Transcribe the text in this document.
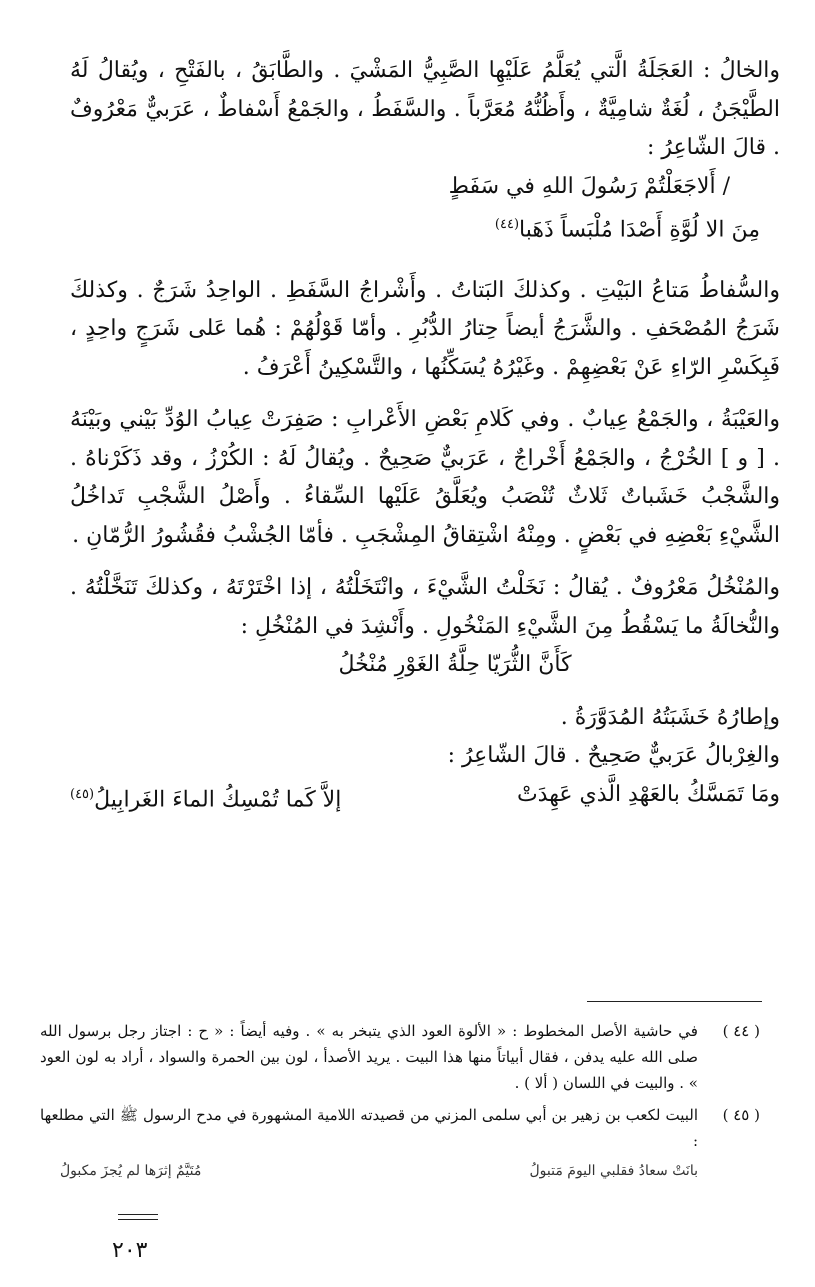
والخالُ : العَجَلَةُ الَّتي يُعَلَّمُ عَلَيْهِا الصَّبِيُّ المَشْيَ . والطَّابَقُ ، بالفَتْحِ ، ويُقالُ لَهُ الطَّيْجَنُ ، لُغَةٌ شامِيَّةٌ ، وأَظُنُّهُ مُعَرَّباً . والسَّفَطُ ، والجَمْعُ أَسْفاطٌ ، عَرَبيٌّ مَعْرُوفٌ . قالَ الشّاعِرُ :
/ أَلاجَعَلْتُمْ رَسُولَ اللهِ في سَفَطٍ
مِنَ الا لُوَّةِ أَصْدَا مُلْبَساً ذَهَبا$^{(٤٤)}$

والسُّفاطُ مَتاعُ البَيْتِ . وكذلكَ البَتاتُ . وأَشْراجُ السَّفَطِ . الواحِدُ شَرَجٌ . وكذلكَ شَرَجُ المُصْحَفِ . والشَّرَجُ أيضاً حِتارُ الدُّبُرِ . وأمّا قَوْلُهُمْ : هُما عَلى شَرَجٍ واحِدٍ ، فَبِكَسْرِ الرّاءِ عَنْ بَعْضِهِمْ . وغَيْرُهُ يُسَكِّنُها ، والتَّسْكِينُ أَعْرَفُ .

والعَيْبَةُ ، والجَمْعُ عِيابٌ . وفي كَلامِ بَعْضِ الأَعْرابِ : صَفِرَتْ عِيابُ الوُدِّ بَيْني وبَيْنَهُ . [ و ] الخُرْجُ ، والجَمْعُ أَخْراجٌ ، عَرَبيٌّ صَحِيحٌ . ويُقالُ لَهُ : الكُرْزُ ، وقد ذَكَرْناهُ . والشَّجْبُ خَشَباتٌ ثَلاثٌ تُنْصَبُ ويُعَلَّقُ عَلَيْها السِّقاءُ . وأَصْلُ الشَّجْبِ تَداخُلُ الشَّيْءِ بَعْضِهِ في بَعْضٍ . ومِنْهُ اشْتِقاقُ المِشْجَبِ . فأمّا الجُشْبُ فقُشُورُ الرُّمّانِ .

والمُنْخُلُ مَعْرُوفٌ . يُقالُ : نَخَلْتُ الشَّيْءَ ، وانْتَخَلْتُهُ ، إذا اخْتَرْتَهُ ، وكذلكَ تَنَخَّلْتُهُ . والنُّخالَةُ ما يَسْقُطُ مِنَ الشَّيْءِ المَنْخُولِ . وأَنْشِدَ في المُنْخُلِ :
كَأَنَّ الثُّرَيّا حِلَّةُ الغَوْرِ مُنْخُلُ

وإطارُهُ خَشَبَتُهُ المُدَوَّرَةُ .
والغِرْبالُ عَرَبيٌّ صَحِيحٌ . قالَ الشّاعِرُ :
ومَا تَمَسَّكُ بالعَهْدِ الَّذي عَهِدَتْ
إلاَّ كَما تُمْسِكُ الماءَ الغَرابِيلُ$^{(٤٥)}$

( ٤٤ )
في حاشية الأصل المخطوط : « الألوة العود الذي يتبخر به » . وفيه أيضاً : « ح : اجتاز رجل برسول الله صلى الله عليه يدفن ، فقال أبياتاً منها هذا البيت . يريد الأصدأ ، لون بين الحمرة والسواد ، أراد به لون العود » . والبيت في اللسان ( ألا ) .
( ٤٥ )
البيت لكعب بن زهير بن أبي سلمى المزني من قصيدته اللامية المشهورة في مدح الرسول ﷺ التي مطلعها :
بانَتْ سعادُ فقلبي اليومَ مَتبولُ
مُتَيَّمٌ إثرَها لم يُجزَ مكبولُ
٢٠٣
